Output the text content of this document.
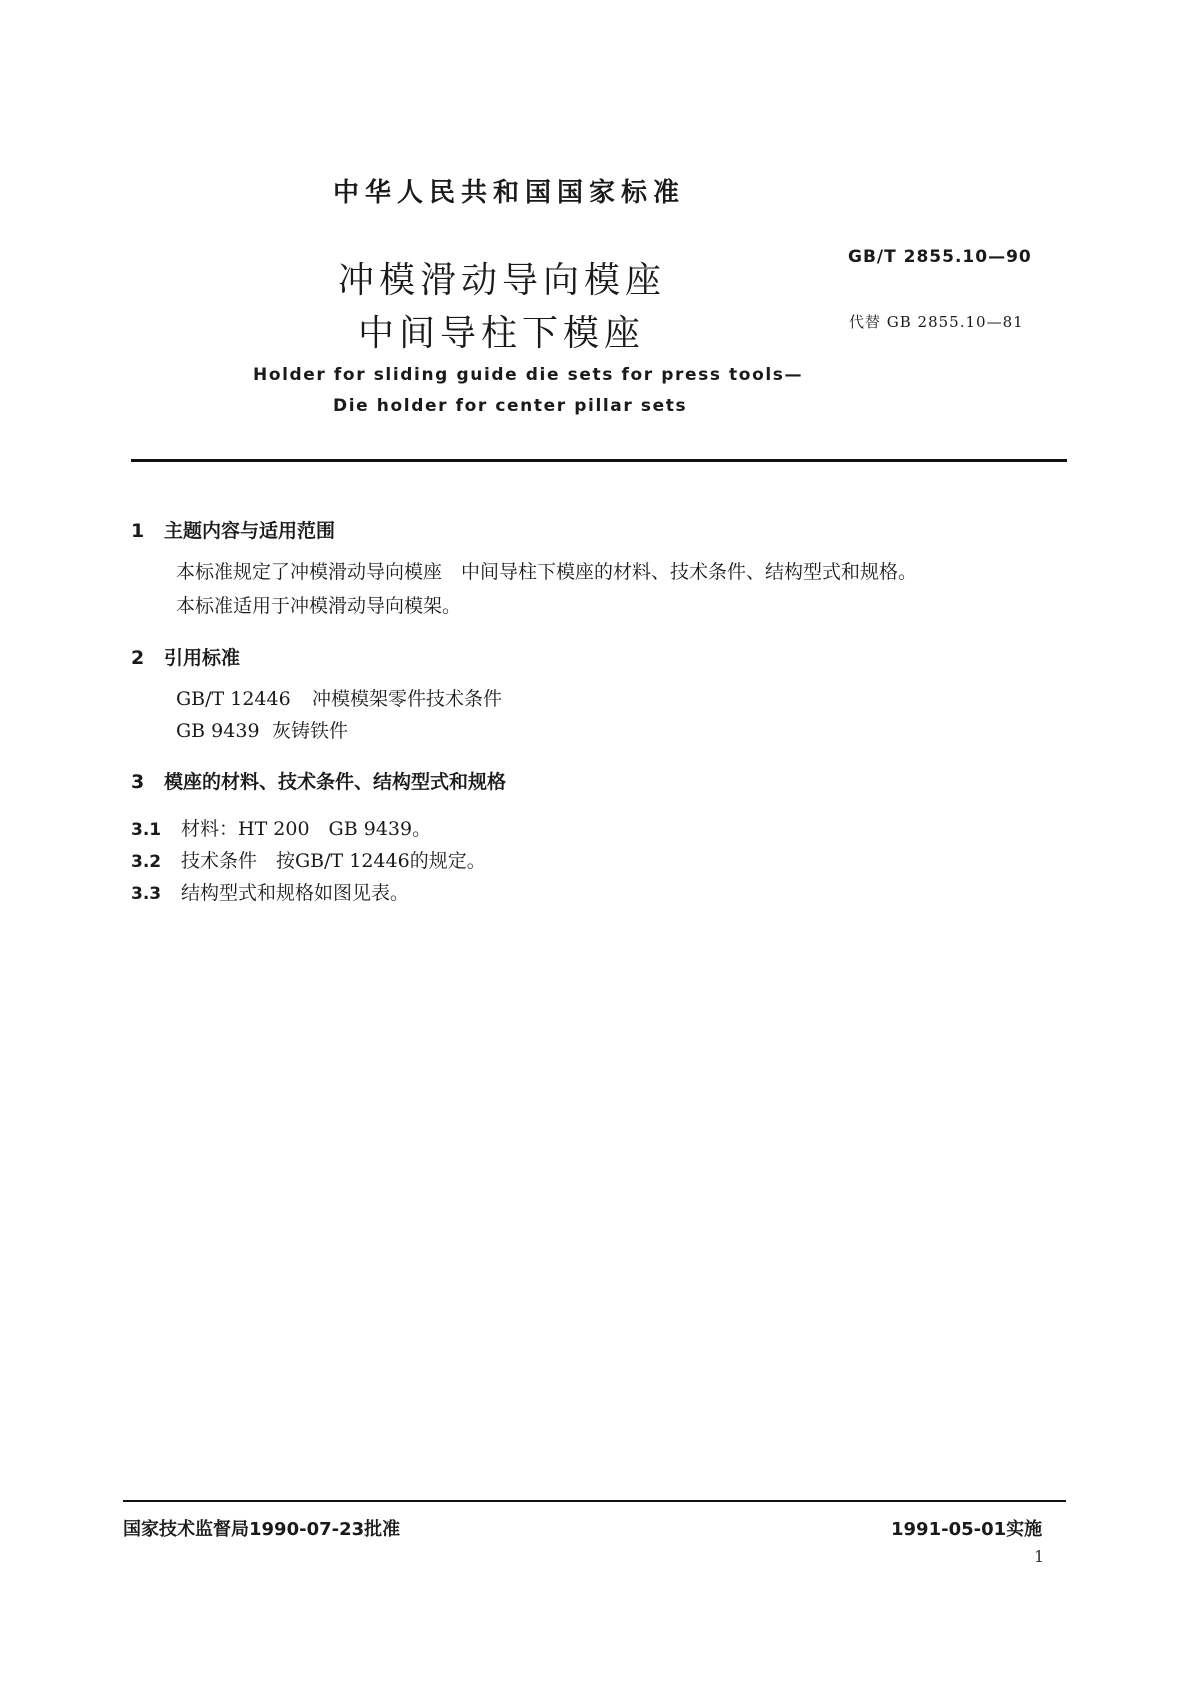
中华人民共和国国家标准
GB/T 2855.10—90
代替 GB 2855.10—81
冲模滑动导向模座
中间导柱下模座
Holder for sliding guide die sets for press tools—
Die holder for center pillar sets
1 主题内容与适用范围
本标准规定了冲模滑动导向模座　中间导柱下模座的材料、技术条件、结构型式和规格。
本标准适用于冲模滑动导向模架。
2 引用标准
GB/T 12446 冲模模架零件技术条件
GB 9439 灰铸铁件
3 模座的材料、技术条件、结构型式和规格
3.1 材料：HT 200　GB 9439。
3.2 技术条件　按GB/T 12446的规定。
3.3 结构型式和规格如图见表。
国家技术监督局1990-07-23批准	1991-05-01实施
1
